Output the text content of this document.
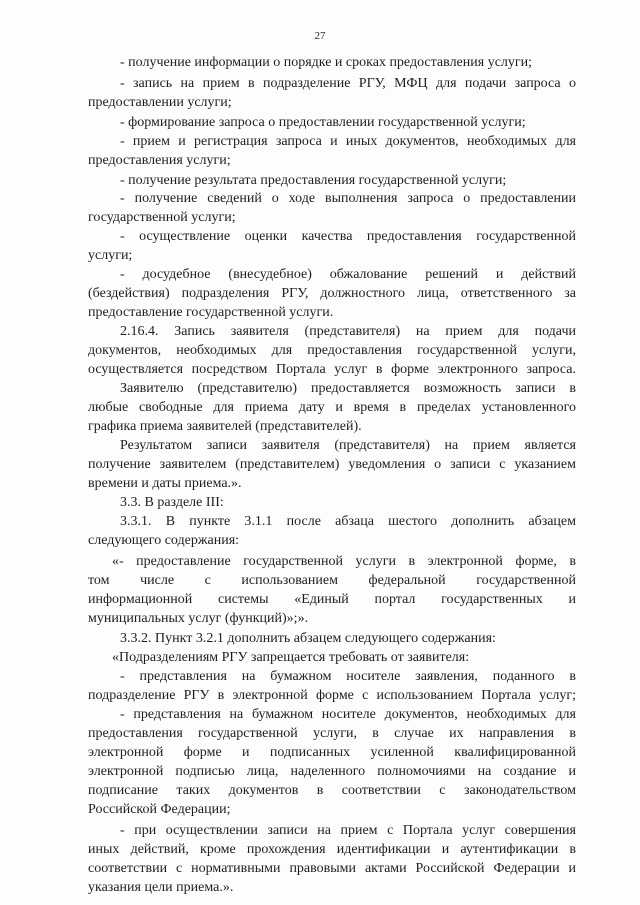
27
- получение информации о порядке и сроках предоставления услуги;
- запись на прием в подразделение РГУ, МФЦ для подачи запроса о
предоставлении услуги;
- формирование запроса о предоставлении государственной услуги;
- прием и регистрация запроса и иных документов, необходимых для
предоставления услуги;
- получение результата предоставления государственной услуги;
- получение сведений о ходе выполнения запроса о предоставлении
государственной услуги;
- осуществление оценки качества предоставления государственной
услуги;
- досудебное (внесудебное) обжалование решений и действий
(бездействия) подразделения РГУ, должностного лица, ответственного за
предоставление государственной услуги.
2.16.4. Запись заявителя (представителя) на прием для подачи
документов, необходимых для предоставления государственной услуги,
осуществляется посредством Портала услуг в форме электронного запроса.
Заявителю (представителю) предоставляется возможность записи в
любые свободные для приема дату и время в пределах установленного
графика приема заявителей (представителей).
Результатом записи заявителя (представителя) на прием является
получение заявителем (представителем) уведомления о записи с указанием
времени и даты приема.».
3.3. В разделе III:
3.3.1. В пункте 3.1.1 после абзаца шестого дополнить абзацем
следующего содержания:
«- предоставление государственной услуги в электронной форме, в
том числе с использованием федеральной государственной
информационной системы «Единый портал государственных и
муниципальных услуг (функций)»;».
3.3.2. Пункт 3.2.1 дополнить абзацем следующего содержания:
«Подразделениям РГУ запрещается требовать от заявителя:
- представления на бумажном носителе заявления, поданного в
подразделение РГУ в электронной форме с использованием Портала услуг;
- представления на бумажном носителе документов, необходимых для
предоставления государственной услуги, в случае их направления в
электронной форме и подписанных усиленной квалифицированной
электронной подписью лица, наделенного полномочиями на создание и
подписание таких документов в соответствии с законодательством
Российской Федерации;
- при осуществлении записи на прием с Портала услуг совершения
иных действий, кроме прохождения идентификации и аутентификации в
соответствии с нормативными правовыми актами Российской Федерации и
указания цели приема.».
